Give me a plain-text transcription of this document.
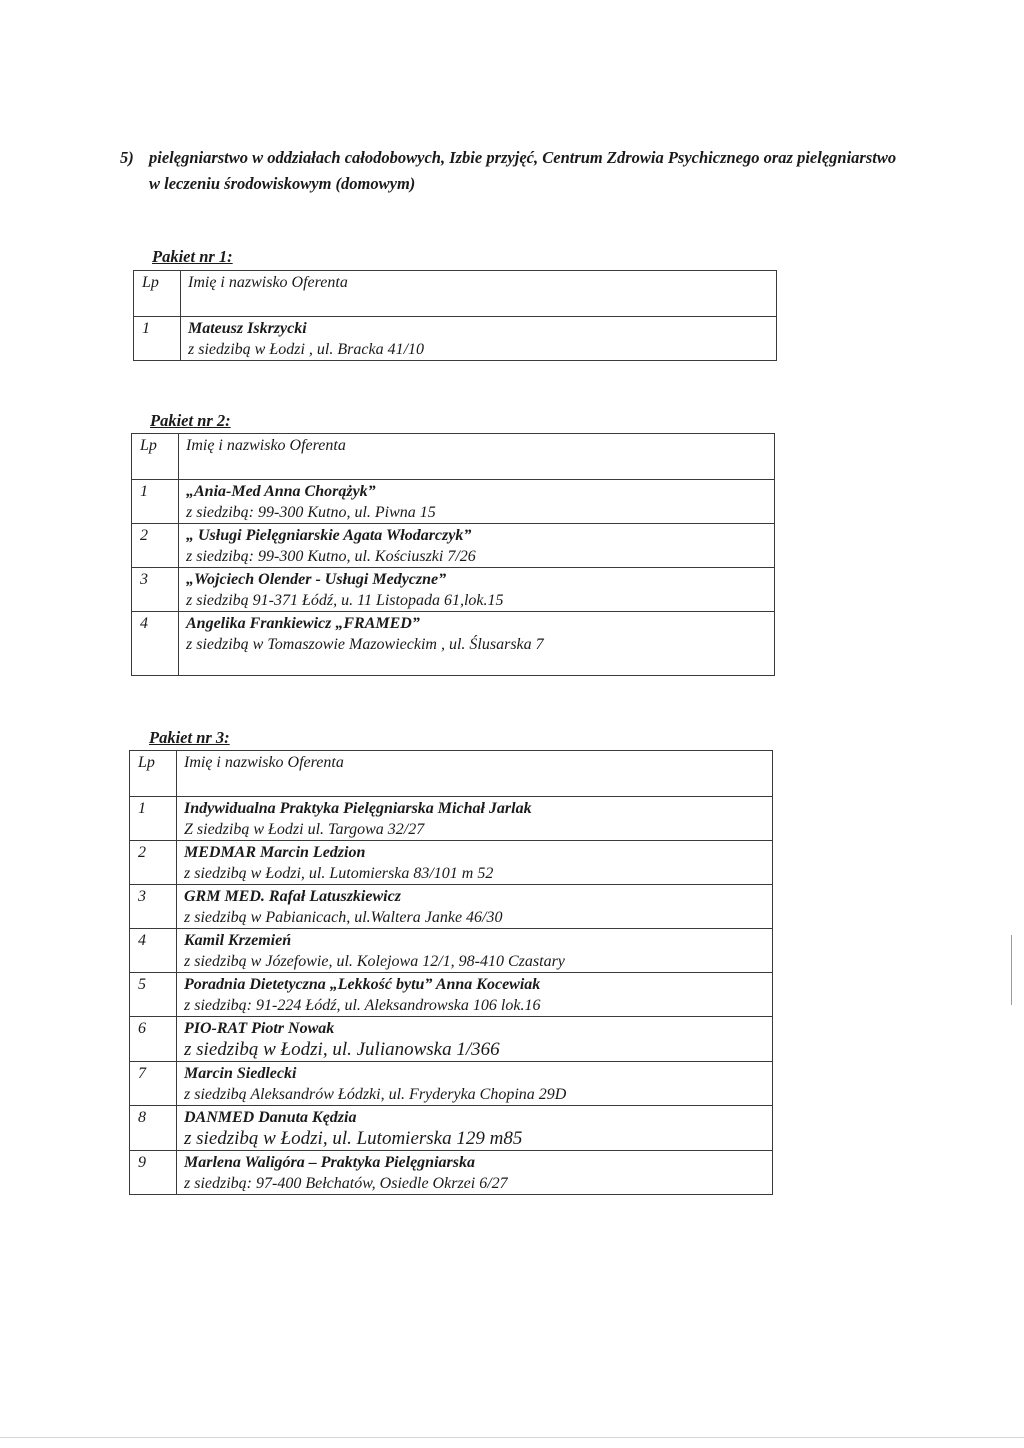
5) pielęgniarstwo w oddziałach całodobowych, Izbie przyjęć, Centrum Zdrowia Psychicznego oraz pielęgniarstwo w leczeniu środowiskowym (domowym)
Pakiet nr 1:
Lp	Imię i nazwisko Oferenta
1	Mateusz Iskrzycki
z siedzibą w Łodzi , ul. Bracka 41/10
Pakiet nr 2:
Lp	Imię i nazwisko Oferenta
1	„Ania-Med Anna Chorążyk”
z siedzibą: 99-300 Kutno, ul. Piwna 15

2	„ Usługi Pielęgniarskie Agata Włodarczyk”
z siedzibą: 99-300 Kutno, ul. Kościuszki 7/26

3	„Wojciech Olender - Usługi Medyczne”
z siedzibą 91-371 Łódź, u. 11 Listopada 61,lok.15

4	Angelika Frankiewicz „FRAMED”
z siedzibą w Tomaszowie Mazowieckim , ul. Ślusarska 7
Pakiet nr 3:
Lp	Imię i nazwisko Oferenta
1	Indywidualna Praktyka Pielęgniarska Michał Jarlak
Z siedzibą w Łodzi ul. Targowa 32/27

2	MEDMAR Marcin Ledzion
z siedzibą w Łodzi, ul. Lutomierska 83/101 m 52

3	GRM MED. Rafał Latuszkiewicz
z siedzibą w Pabianicach, ul.Waltera Janke 46/30

4	Kamil Krzemień
z siedzibą w Józefowie, ul. Kolejowa 12/1, 98-410 Czastary

5	Poradnia Dietetyczna „Lekkość bytu” Anna Kocewiak
z siedzibą: 91-224 Łódź, ul. Aleksandrowska 106 lok.16

6	PIO-RAT Piotr Nowak
z siedzibą w Łodzi, ul. Julianowska 1/366

7	Marcin Siedlecki
z siedzibą Aleksandrów Łódzki, ul. Fryderyka Chopina 29D

8	DANMED Danuta Kędzia
z siedzibą w Łodzi, ul. Lutomierska 129 m85

9	Marlena Waligóra – Praktyka Pielęgniarska
z siedzibą: 97-400 Bełchatów, Osiedle Okrzei 6/27
